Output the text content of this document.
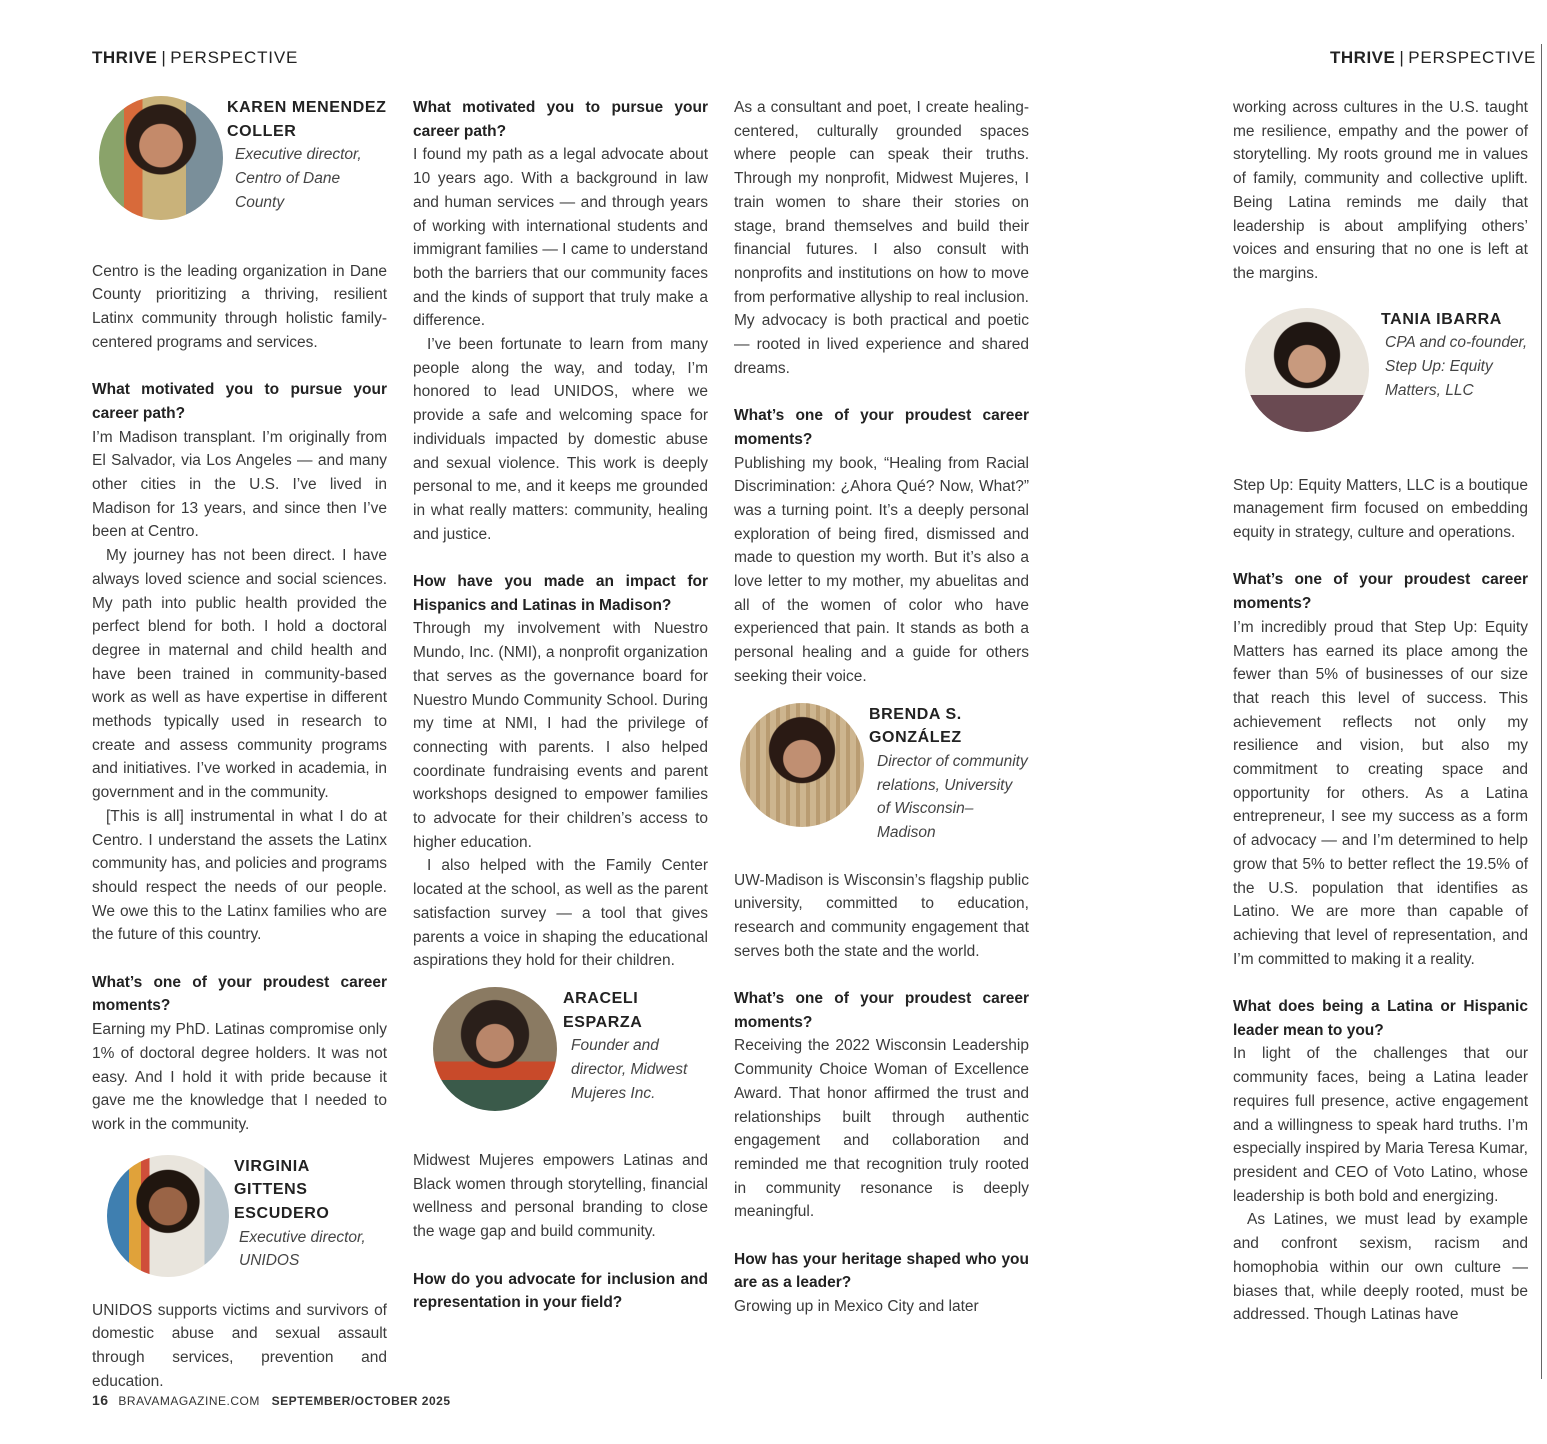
THRIVE | PERSPECTIVE	THRIVE | PERSPECTIVE
KAREN MENENDEZ COLLER
Executive director, Centro of Dane County

Centro is the leading organization in Dane County prioritizing a thriving, resilient Latinx community through holistic family-centered programs and services.

What motivated you to pursue your career path?

I’m Madison transplant. I’m originally from El Salvador, via Los Angeles — and many other cities in the U.S. I’ve lived in Madison for 13 years, and since then I’ve been at Centro.

My journey has not been direct. I have always loved science and social sciences. My path into public health provided the perfect blend for both. I hold a doctoral degree in maternal and child health and have been trained in community-based work as well as have expertise in different methods typically used in research to create and assess community programs and initiatives. I’ve worked in academia, in government and in the community.

[This is all] instrumental in what I do at Centro. I understand the assets the Latinx community has, and policies and programs should respect the needs of our people. We owe this to the Latinx families who are the future of this country.

What’s one of your proudest career moments?

Earning my PhD. Latinas compromise only 1% of doctoral degree holders. It was not easy. And I hold it with pride because it gave me the knowledge that I needed to work in the community.

VIRGINIA GITTENS ESCUDERO
Executive director, UNIDOS

UNIDOS supports victims and survivors of domestic abuse and sexual assault through services, prevention and education.

What motivated you to pursue your career path?

I found my path as a legal advocate about 10 years ago. With a background in law and human services — and through years of working with international students and immigrant families — I came to understand both the barriers that our community faces and the kinds of support that truly make a difference.

I’ve been fortunate to learn from many people along the way, and today, I’m honored to lead UNIDOS, where we provide a safe and welcoming space for individuals impacted by domestic abuse and sexual violence. This work is deeply personal to me, and it keeps me grounded in what really matters: community, healing and justice.

How have you made an impact for Hispanics and Latinas in Madison?

Through my involvement with Nuestro Mundo, Inc. (NMI), a nonprofit organization that serves as the governance board for Nuestro Mundo Community School. During my time at NMI, I had the privilege of connecting with parents. I also helped coordinate fundraising events and parent workshops designed to empower families to advocate for their children’s access to higher education.

I also helped with the Family Center located at the school, as well as the parent satisfaction survey — a tool that gives parents a voice in shaping the educational aspirations they hold for their children.

ARACELI ESPARZA
Founder and director, Midwest Mujeres Inc.

Midwest Mujeres empowers Latinas and Black women through storytelling, financial wellness and personal branding to close the wage gap and build community.

How do you advocate for inclusion and representation in your field?

As a consultant and poet, I create healing-centered, culturally grounded spaces where people can speak their truths. Through my nonprofit, Midwest Mujeres, I train women to share their stories on stage, brand themselves and build their financial futures. I also consult with nonprofits and institutions on how to move from performative allyship to real inclusion. My advocacy is both practical and poetic — rooted in lived experience and shared dreams.

What’s one of your proudest career moments?

Publishing my book, “Healing from Racial Discrimination: ¿Ahora Qué? Now, What?” was a turning point. It’s a deeply personal exploration of being fired, dismissed and made to question my worth. But it’s also a love letter to my mother, my abuelitas and all of the women of color who have experienced that pain. It stands as both a personal healing and a guide for others seeking their voice.

BRENDA S. GONZÁLEZ
Director of community relations, University of Wisconsin–Madison

UW-Madison is Wisconsin’s flagship public university, committed to education, research and community engagement that serves both the state and the world.

What’s one of your proudest career moments?

Receiving the 2022 Wisconsin Leadership Community Choice Woman of Excellence Award. That honor affirmed the trust and relationships built through authentic engagement and collaboration and reminded me that recognition truly rooted in community resonance is deeply meaningful.

How has your heritage shaped who you are as a leader?

Growing up in Mexico City and later

working across cultures in the U.S. taught me resilience, empathy and the power of storytelling. My roots ground me in values of family, community and collective uplift. Being Latina reminds me daily that leadership is about amplifying others’ voices and ensuring that no one is left at the margins.

TANIA IBARRA
CPA and co-founder, Step Up: Equity Matters, LLC

Step Up: Equity Matters, LLC is a boutique management firm focused on embedding equity in strategy, culture and operations.

What’s one of your proudest career moments?

I’m incredibly proud that Step Up: Equity Matters has earned its place among the fewer than 5% of businesses of our size that reach this level of success. This achievement reflects not only my resilience and vision, but also my commitment to creating space and opportunity for others. As a Latina entrepreneur, I see my success as a form of advocacy — and I’m determined to help grow that 5% to better reflect the 19.5% of the U.S. population that identifies as Latino. We are more than capable of achieving that level of representation, and I’m committed to making it a reality.

What does being a Latina or Hispanic leader mean to you?

In light of the challenges that our community faces, being a Latina leader requires full presence, active engagement and a willingness to speak hard truths. I’m especially inspired by Maria Teresa Kumar, president and CEO of Voto Latino, whose leadership is both bold and energizing.

As Latines, we must lead by example and confront sexism, racism and homophobia within our own culture — biases that, while deeply rooted, must be addressed. Though Latinas have

16 BRAVAMAGAZINE.COM SEPTEMBER/OCTOBER 2025
